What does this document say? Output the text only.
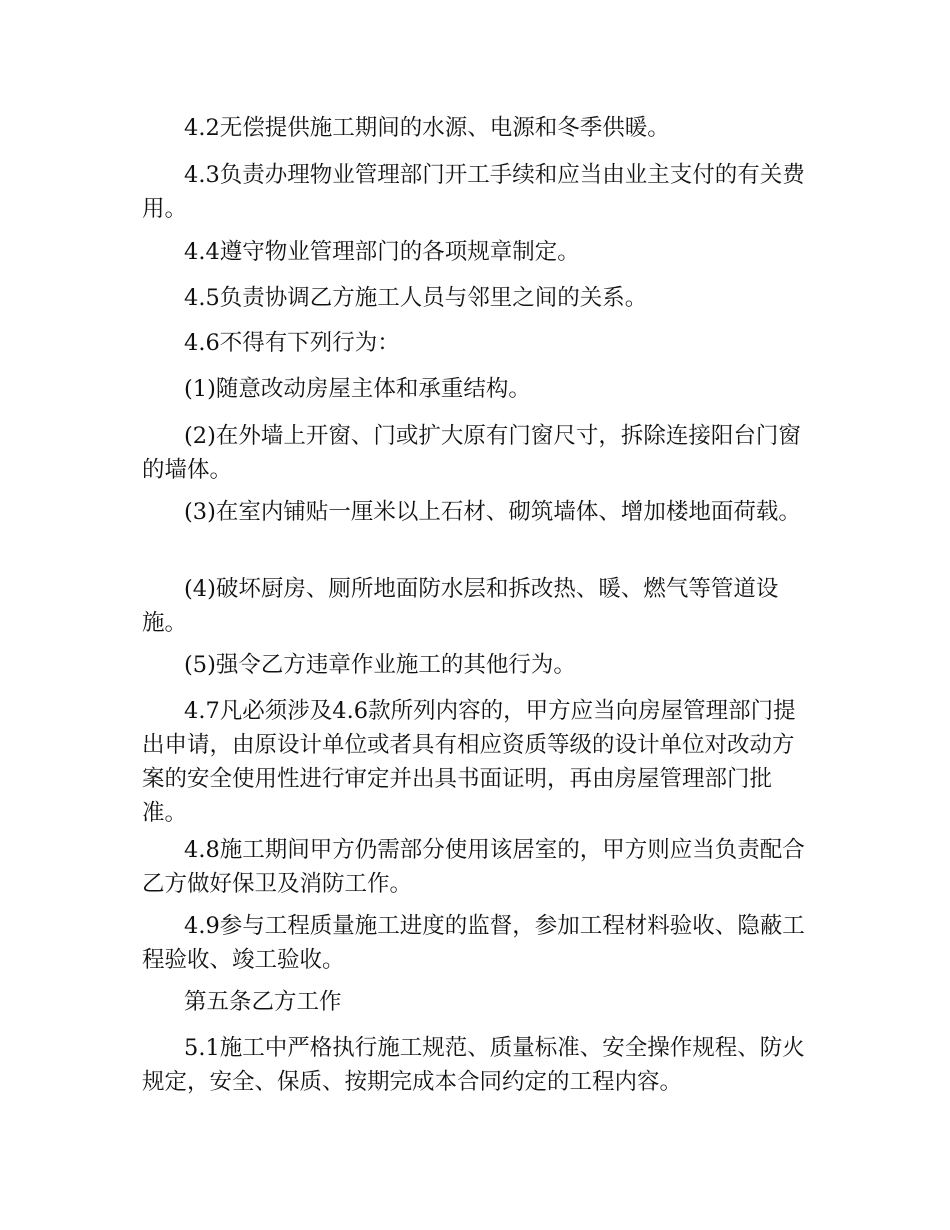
4.2无偿提供施工期间的水源、电源和冬季供暖。

4.3负责办理物业管理部门开工手续和应当由业主支付的有关费用。

4.4遵守物业管理部门的各项规章制定。

4.5负责协调乙方施工人员与邻里之间的关系。

4.6不得有下列行为：

(1)随意改动房屋主体和承重结构。

(2)在外墙上开窗、门或扩大原有门窗尺寸，拆除连接阳台门窗的墙体。

(3)在室内铺贴一厘米以上石材、砌筑墙体、增加楼地面荷载。

(4)破坏厨房、厕所地面防水层和拆改热、暖、燃气等管道设施。

(5)强令乙方违章作业施工的其他行为。

4.7凡必须涉及4.6款所列内容的，甲方应当向房屋管理部门提出申请，由原设计单位或者具有相应资质等级的设计单位对改动方案的安全使用性进行审定并出具书面证明，再由房屋管理部门批准。

4.8施工期间甲方仍需部分使用该居室的，甲方则应当负责配合乙方做好保卫及消防工作。

4.9参与工程质量施工进度的监督，参加工程材料验收、隐蔽工程验收、竣工验收。

第五条乙方工作

5.1施工中严格执行施工规范、质量标准、安全操作规程、防火规定，安全、保质、按期完成本合同约定的工程内容。
